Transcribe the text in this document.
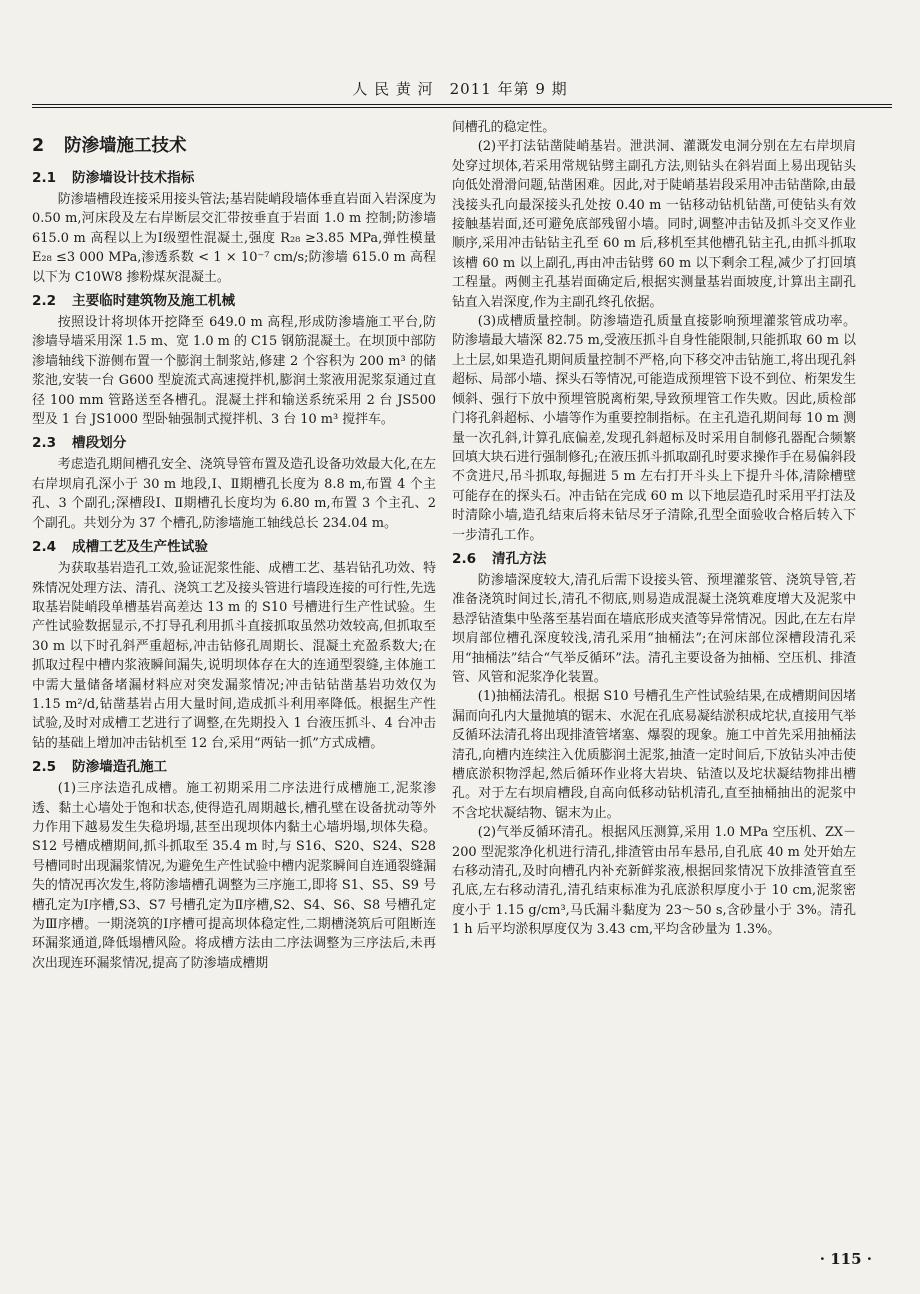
人 民 黄 河　2011 年第 9 期
2 防渗墙施工技术
2.1 防渗墙设计技术指标

防渗墙槽段连接采用接头管法;基岩陡峭段墙体垂直岩面入岩深度为 0.50 m,河床段及左右岸断层交汇带按垂直于岩面 1.0 m 控制;防渗墙 615.0 m 高程以上为Ⅰ级塑性混凝土,强度 R₂₈ ≥3.85 MPa,弹性模量 E₂₈ ≤3 000 MPa,渗透系数 < 1 × 10⁻⁷ cm/s;防渗墙 615.0 m 高程以下为 C10W8 掺粉煤灰混凝土。

2.2 主要临时建筑物及施工机械

按照设计将坝体开挖降至 649.0 m 高程,形成防渗墙施工平台,防渗墙导墙采用深 1.5 m、宽 1.0 m 的 C15 钢筋混凝土。在坝顶中部防渗墙轴线下游侧布置一个膨润土制浆站,修建 2 个容积为 200 m³ 的储浆池,安装一台 G600 型旋流式高速搅拌机,膨润土浆液用泥浆泵通过直径 100 mm 管路送至各槽孔。混凝土拌和输送系统采用 2 台 JS500 型及 1 台 JS1000 型卧轴强制式搅拌机、3 台 10 m³ 搅拌车。

2.3 槽段划分

考虑造孔期间槽孔安全、浇筑导管布置及造孔设备功效最大化,在左右岸坝肩孔深小于 30 m 地段,Ⅰ、Ⅱ期槽孔长度为 8.8 m,布置 4 个主孔、3 个副孔;深槽段Ⅰ、Ⅱ期槽孔长度均为 6.80 m,布置 3 个主孔、2 个副孔。共划分为 37 个槽孔,防渗墙施工轴线总长 234.04 m。

2.4 成槽工艺及生产性试验

为获取基岩造孔工效,验证泥浆性能、成槽工艺、基岩钻孔功效、特殊情况处理方法、清孔、浇筑工艺及接头管进行墙段连接的可行性,先选取基岩陡峭段单槽基岩高差达 13 m 的 S10 号槽进行生产性试验。生产性试验数据显示,不打导孔利用抓斗直接抓取虽然功效较高,但抓取至 30 m 以下时孔斜严重超标,冲击钻修孔周期长、混凝土充盈系数大;在抓取过程中槽内浆液瞬间漏失,说明坝体存在大的连通型裂缝,主体施工中需大量储备堵漏材料应对突发漏浆情况;冲击钻钻凿基岩功效仅为 1.15 m²/d,钻凿基岩占用大量时间,造成抓斗利用率降低。根据生产性试验,及时对成槽工艺进行了调整,在先期投入 1 台液压抓斗、4 台冲击钻的基础上增加冲击钻机至 12 台,采用“两钻一抓”方式成槽。

2.5 防渗墙造孔施工

(1)三序法造孔成槽。施工初期采用二序法进行成槽施工,泥浆渗透、黏土心墙处于饱和状态,使得造孔周期越长,槽孔壁在设备扰动等外力作用下越易发生失稳坍塌,甚至出现坝体内黏土心墙坍塌,坝体失稳。S12 号槽成槽期间,抓斗抓取至 35.4 m 时,与 S16、S20、S24、S28 号槽同时出现漏浆情况,为避免生产性试验中槽内泥浆瞬间自连通裂缝漏失的情况再次发生,将防渗墙槽孔调整为三序施工,即将 S1、S5、S9 号槽孔定为Ⅰ序槽,S3、S7 号槽孔定为Ⅱ序槽,S2、S4、S6、S8 号槽孔定为Ⅲ序槽。一期浇筑的Ⅰ序槽可提高坝体稳定性,二期槽浇筑后可阻断连环漏浆通道,降低塌槽风险。将成槽方法由二序法调整为三序法后,未再次出现连环漏浆情况,提高了防渗墙成槽期

间槽孔的稳定性。

(2)平打法钻凿陡峭基岩。泄洪洞、灌溉发电洞分别在左右岸坝肩处穿过坝体,若采用常规钻劈主副孔方法,则钻头在斜岩面上易出现钻头向低处滑滑问题,钻凿困难。因此,对于陡峭基岩段采用冲击钻凿除,由最浅接头孔向最深接头孔处按 0.40 m 一钻移动钻机钻凿,可使钻头有效接触基岩面,还可避免底部残留小墙。同时,调整冲击钻及抓斗交叉作业顺序,采用冲击钻钻主孔至 60 m 后,移机至其他槽孔钻主孔,由抓斗抓取该槽 60 m 以上副孔,再由冲击钻劈 60 m 以下剩余工程,减少了打回填工程量。两侧主孔基岩面确定后,根据实测量基岩面坡度,计算出主副孔钻直入岩深度,作为主副孔终孔依据。

(3)成槽质量控制。防渗墙造孔质量直接影响预埋灌浆管成功率。防渗墙最大墙深 82.75 m,受液压抓斗自身性能限制,只能抓取 60 m 以上土层,如果造孔期间质量控制不严格,向下移交冲击钻施工,将出现孔斜超标、局部小墙、探头石等情况,可能造成预埋管下设不到位、桁架发生倾斜、强行下放中预埋管脱离桁架,导致预埋管工作失败。因此,质检部门将孔斜超标、小墙等作为重要控制指标。在主孔造孔期间每 10 m 测量一次孔斜,计算孔底偏差,发现孔斜超标及时采用自制修孔器配合频繁回填大块石进行强制修孔;在液压抓斗抓取副孔时要求操作手在易偏斜段不贪进尺,吊斗抓取,每掘进 5 m 左右打开斗头上下提升斗体,清除槽壁可能存在的探头石。冲击钻在完成 60 m 以下地层造孔时采用平打法及时清除小墙,造孔结束后将未钻尽牙子清除,孔型全面验收合格后转入下一步清孔工作。

2.6 清孔方法

防渗墙深度较大,清孔后需下设接头管、预埋灌浆管、浇筑导管,若准备浇筑时间过长,清孔不彻底,则易造成混凝土浇筑难度增大及泥浆中悬浮钻渣集中坠落至基岩面在墙底形成夹渣等异常情况。因此,在左右岸坝肩部位槽孔深度较浅,清孔采用“抽桶法”;在河床部位深槽段清孔采用“抽桶法”结合“气举反循环”法。清孔主要设备为抽桶、空压机、排渣管、风管和泥浆净化装置。

(1)抽桶法清孔。根据 S10 号槽孔生产性试验结果,在成槽期间因堵漏而向孔内大量抛填的锯末、水泥在孔底易凝结淤积成坨状,直接用气举反循环法清孔将出现排渣管堵塞、爆裂的现象。施工中首先采用抽桶法清孔,向槽内连续注入优质膨润土泥浆,抽渣一定时间后,下放钻头冲击使槽底淤积物浮起,然后循环作业将大岩块、钻渣以及坨状凝结物排出槽孔。对于左右坝肩槽段,自高向低移动钻机清孔,直至抽桶抽出的泥浆中不含坨状凝结物、锯末为止。

(2)气举反循环清孔。根据风压测算,采用 1.0 MPa 空压机、ZX－200 型泥浆净化机进行清孔,排渣管由吊车悬吊,自孔底 40 m 处开始左右移动清孔,及时向槽孔内补充新鲜浆液,根据回浆情况下放排渣管直至孔底,左右移动清孔,清孔结束标准为孔底淤积厚度小于 10 cm,泥浆密度小于 1.15 g/cm³,马氏漏斗黏度为 23～50 s,含砂量小于 3%。清孔 1 h 后平均淤积厚度仅为 3.43 cm,平均含砂量为 1.3%。

· 115 ·
